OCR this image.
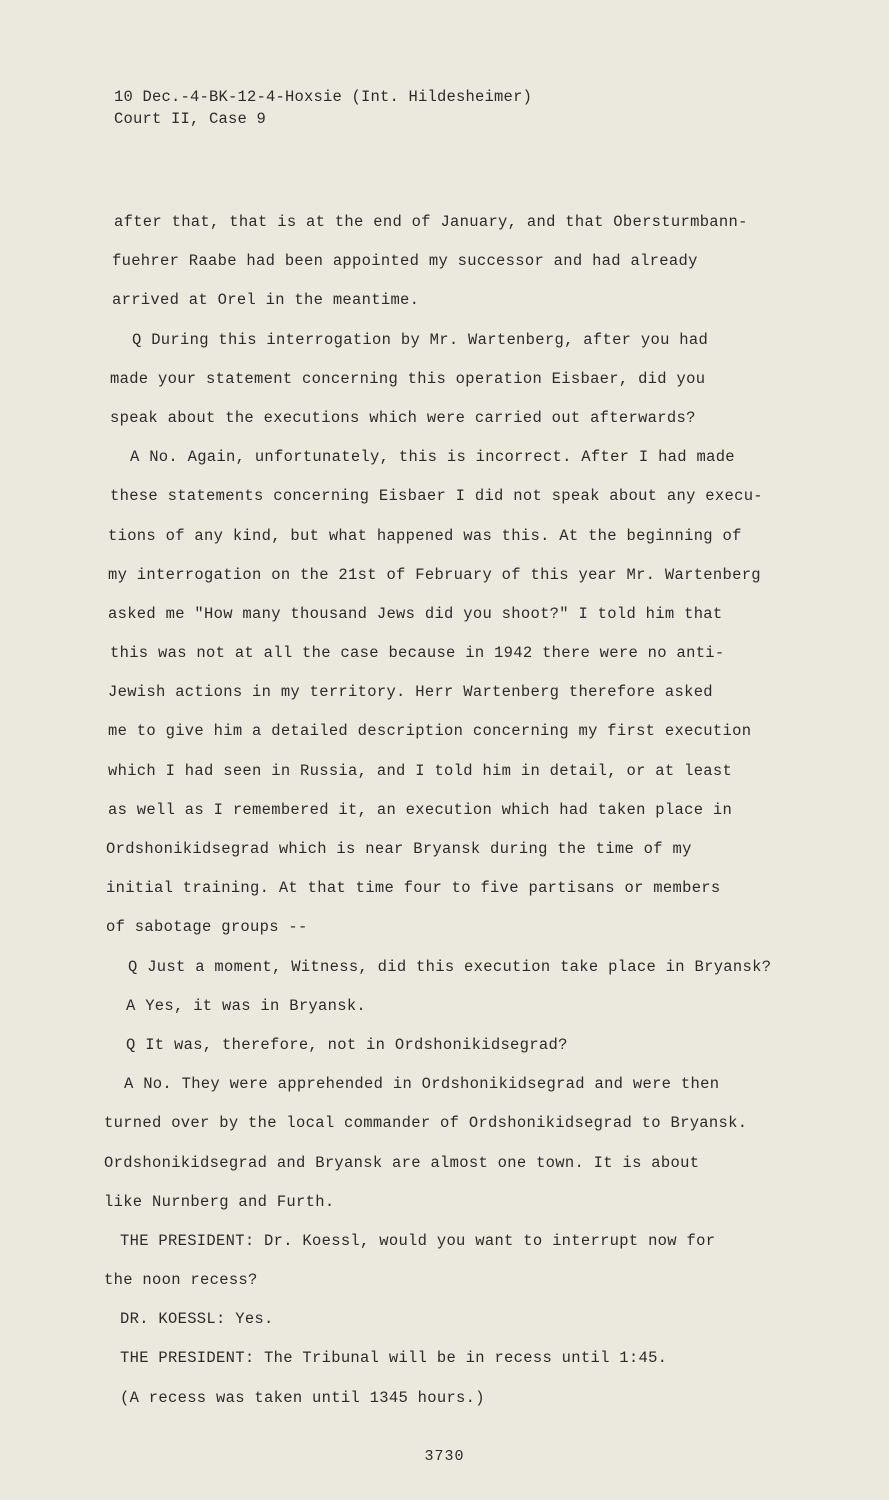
10 Dec.-4-BK-12-4-Hoxsie (Int. Hildesheimer)
Court II, Case 9
after that, that is at the end of January, and that Obersturmbann-
fuehrer Raabe had been appointed my successor and had already
arrived at Orel in the meantime.
Q During this interrogation by Mr. Wartenberg, after you had
made your statement concerning this operation Eisbaer, did you
speak about the executions which were carried out afterwards?
A No. Again, unfortunately, this is incorrect. After I had made
these statements concerning Eisbaer I did not speak about any execu-
tions of any kind, but what happened was this. At the beginning of
my interrogation on the 21st of February of this year Mr. Wartenberg
asked me "How many thousand Jews did you shoot?" I told him that
this was not at all the case because in 1942 there were no anti-
Jewish actions in my territory. Herr Wartenberg therefore asked
me to give him a detailed description concerning my first execution
which I had seen in Russia, and I told him in detail, or at least
as well as I remembered it, an execution which had taken place in
Ordshonikidsegrad which is near Bryansk during the time of my
initial training. At that time four to five partisans or members
of sabotage groups --
Q Just a moment, Witness, did this execution take place in Bryansk?
A Yes, it was in Bryansk.
Q It was, therefore, not in Ordshonikidsegrad?
A No. They were apprehended in Ordshonikidsegrad and were then
turned over by the local commander of Ordshonikidsegrad to Bryansk.
Ordshonikidsegrad and Bryansk are almost one town. It is about
like Nurnberg and Furth.
THE PRESIDENT: Dr. Koessl, would you want to interrupt now for
the noon recess?
DR. KOESSL: Yes.
THE PRESIDENT: The Tribunal will be in recess until 1:45.
(A recess was taken until 1345 hours.)
3730
